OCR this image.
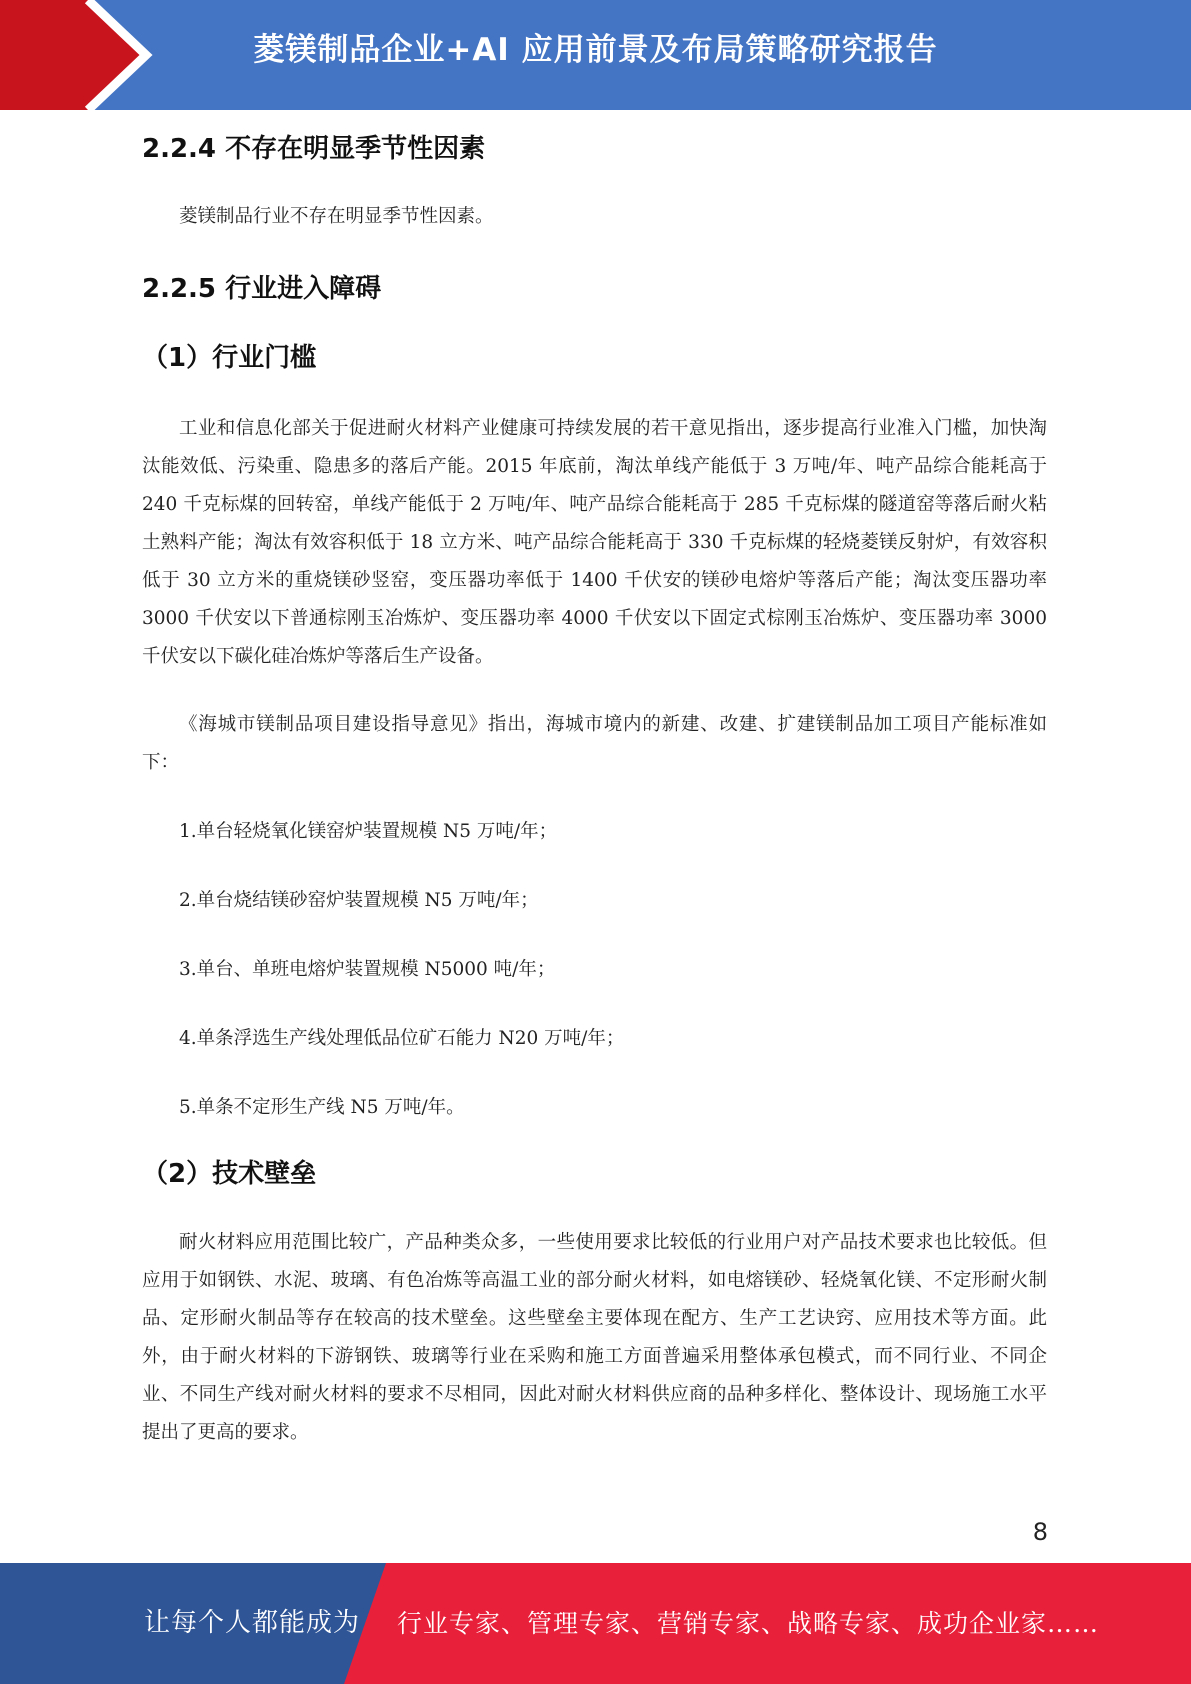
菱镁制品企业+AI 应用前景及布局策略研究报告
2.2.4 不存在明显季节性因素

菱镁制品行业不存在明显季节性因素。

2.2.5 行业进入障碍
（1）行业门槛

工业和信息化部关于促进耐火材料产业健康可持续发展的若干意见指出，逐步提高行业准入门槛，加快淘汰能效低、污染重、隐患多的落后产能。2015 年底前，淘汰单线产能低于 3 万吨/年、吨产品综合能耗高于 240 千克标煤的回转窑，单线产能低于 2 万吨/年、吨产品综合能耗高于 285 千克标煤的隧道窑等落后耐火粘土熟料产能；淘汰有效容积低于 18 立方米、吨产品综合能耗高于 330 千克标煤的轻烧菱镁反射炉，有效容积低于 30 立方米的重烧镁砂竖窑，变压器功率低于 1400 千伏安的镁砂电熔炉等落后产能；淘汰变压器功率 3000 千伏安以下普通棕刚玉冶炼炉、变压器功率 4000 千伏安以下固定式棕刚玉冶炼炉、变压器功率 3000 千伏安以下碳化硅冶炼炉等落后生产设备。

《海城市镁制品项目建设指导意见》指出，海城市境内的新建、改建、扩建镁制品加工项目产能标准如下：

1.单台轻烧氧化镁窑炉装置规模 N5 万吨/年；

2.单台烧结镁砂窑炉装置规模 N5 万吨/年；

3.单台、单班电熔炉装置规模 N5000 吨/年；

4.单条浮选生产线处理低品位矿石能力 N20 万吨/年；

5.单条不定形生产线 N5 万吨/年。

（2）技术壁垒

耐火材料应用范围比较广，产品种类众多，一些使用要求比较低的行业用户对产品技术要求也比较低。但应用于如钢铁、水泥、玻璃、有色冶炼等高温工业的部分耐火材料，如电熔镁砂、轻烧氧化镁、不定形耐火制品、定形耐火制品等存在较高的技术壁垒。这些壁垒主要体现在配方、生产工艺诀窍、应用技术等方面。此外，由于耐火材料的下游钢铁、玻璃等行业在采购和施工方面普遍采用整体承包模式，而不同行业、不同企业、不同生产线对耐火材料的要求不尽相同，因此对耐火材料供应商的品种多样化、整体设计、现场施工水平提出了更高的要求。

8
让每个人都能成为 行业专家、管理专家、营销专家、战略专家、成功企业家……
